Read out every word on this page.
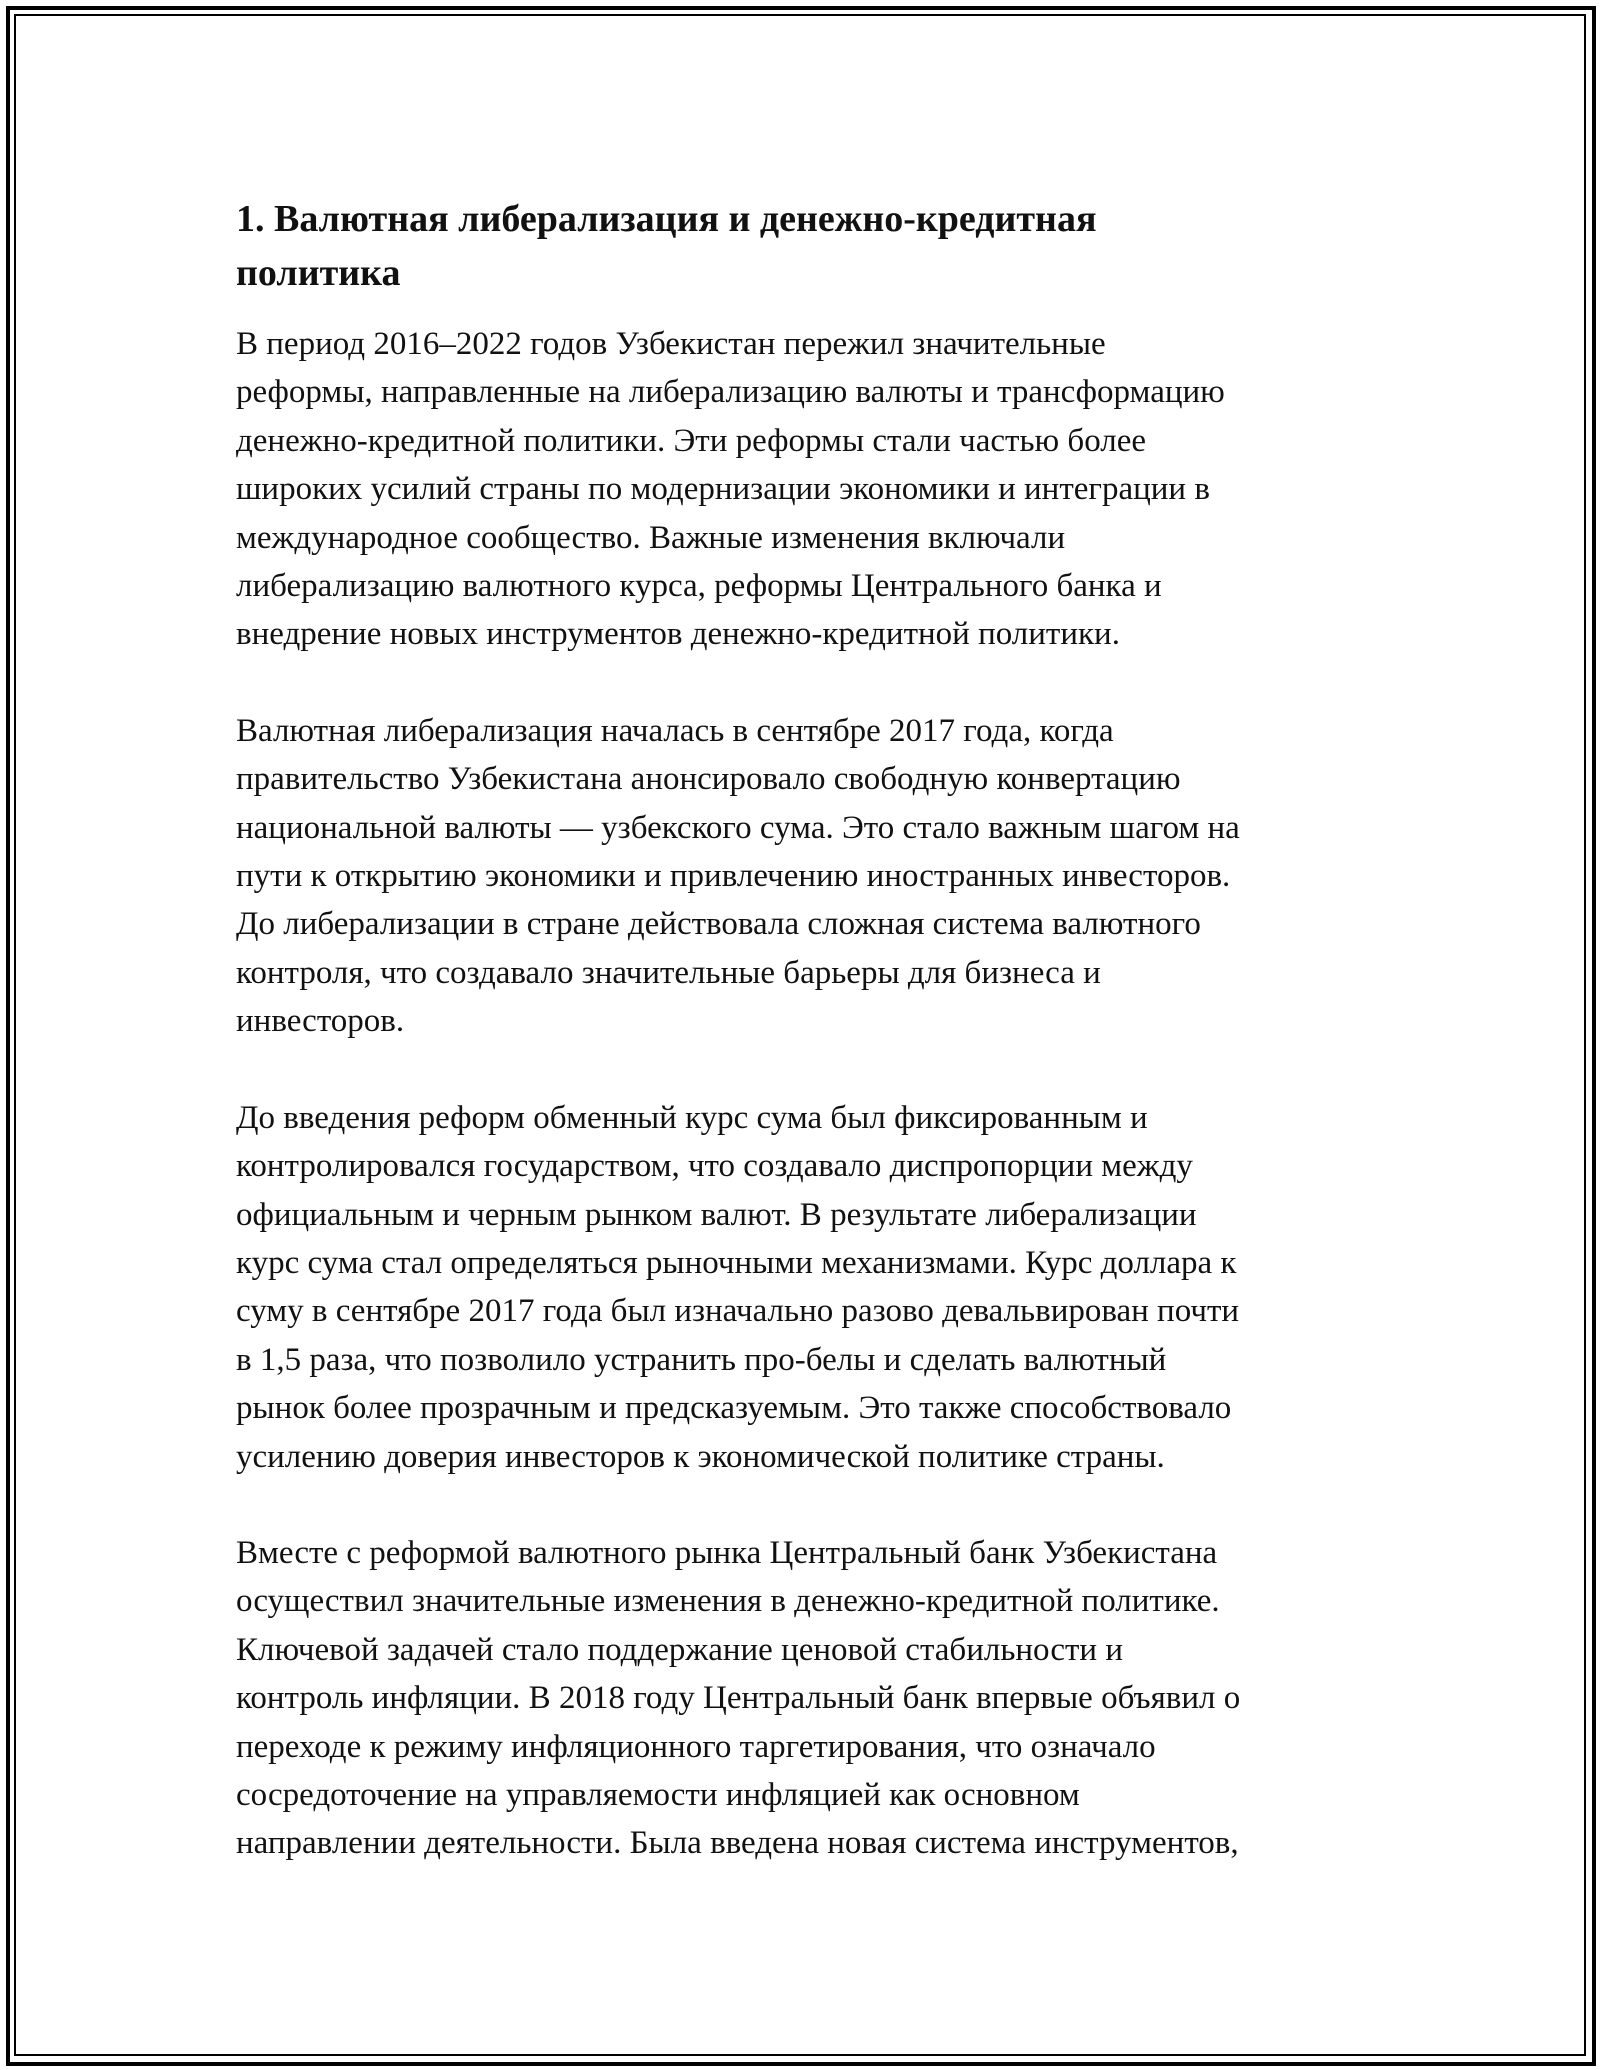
1. Валютная либерализация и денежно-кредитная политика

В период 2016–2022 годов Узбекистан пережил значительные
реформы, направленные на либерализацию валюты и трансформацию
денежно-кредитной политики. Эти реформы стали частью более
широких усилий страны по модернизации экономики и интеграции в
международное сообщество. Важные изменения включали
либерализацию валютного курса, реформы Центрального банка и
внедрение новых инструментов денежно-кредитной политики.

Валютная либерализация началась в сентябре 2017 года, когда
правительство Узбекистана анонсировало свободную конвертацию
национальной валюты — узбекского сума. Это стало важным шагом на
пути к открытию экономики и привлечению иностранных инвесторов.
До либерализации в стране действовала сложная система валютного
контроля, что создавало значительные барьеры для бизнеса и
инвесторов.

До введения реформ обменный курс сума был фиксированным и
контролировался государством, что создавало диспропорции между
официальным и черным рынком валют. В результате либерализации
курс сума стал определяться рыночными механизмами. Курс доллара к
суму в сентябре 2017 года был изначально разово девальвирован почти
в 1,5 раза, что позволило устранить про-белы и сделать валютный
рынок более прозрачным и предсказуемым. Это также способствовало
усилению доверия инвесторов к экономической политике страны.

Вместе с реформой валютного рынка Центральный банк Узбекистана
осуществил значительные изменения в денежно-кредитной политике.
Ключевой задачей стало поддержание ценовой стабильности и
контроль инфляции. В 2018 году Центральный банк впервые объявил о
переходе к режиму инфляционного таргетирования, что означало
сосредоточение на управляемости инфляцией как основном
направлении деятельности. Была введена новая система инструментов,
